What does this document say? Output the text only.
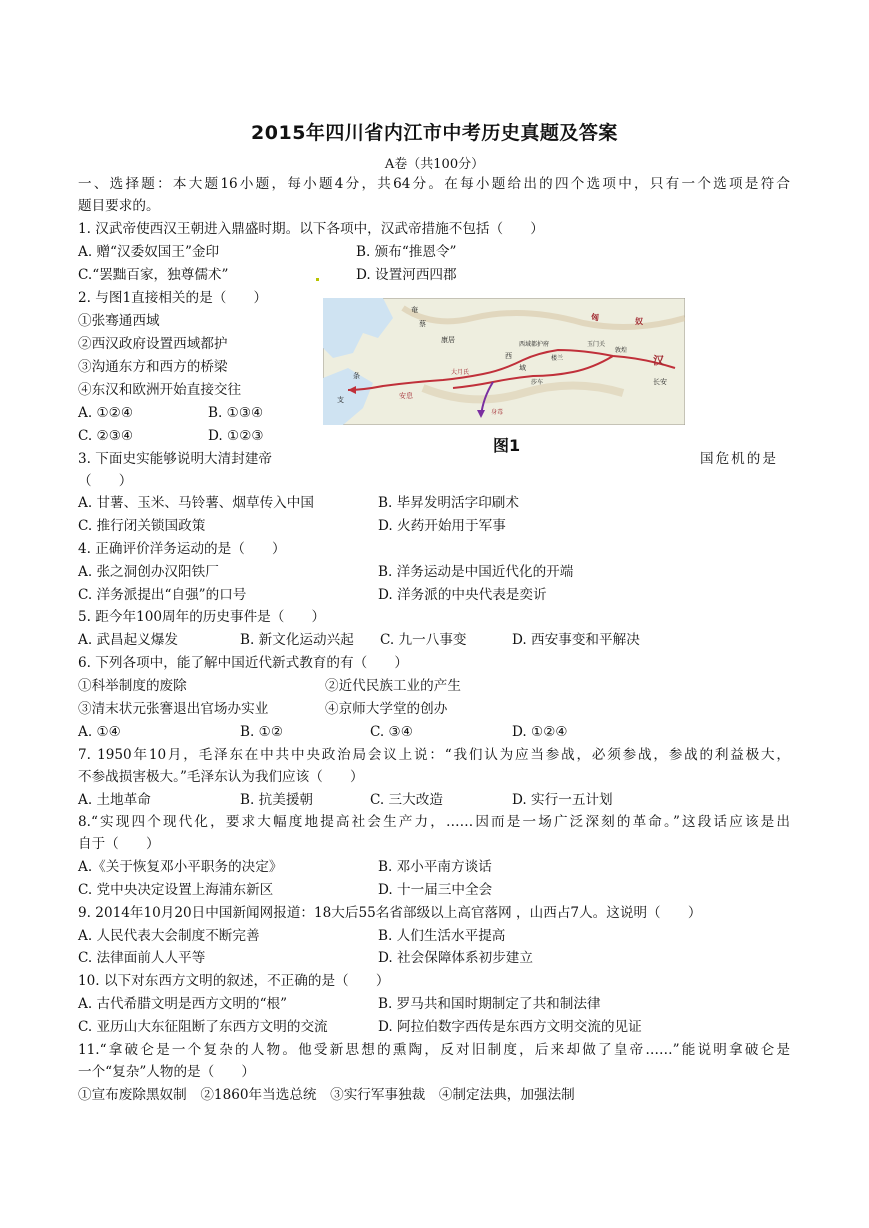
2015年四川省内江市中考历史真题及答案
A卷（共100分）
一、选择题：本大题16小题，每小题4分，共64分。在每小题给出的四个选项中，只有一个选项是符合
题目要求的。
1. 汉武帝使西汉王朝进入鼎盛时期。以下各项中，汉武帝措施不包括（　　）
A. 赠“汉委奴国王”金印	B. 颁布“推恩令”
C.“罢黜百家，独尊儒术”	D. 设置河西四郡
2. 与图1直接相关的是（　　）
①张骞通西域
②西汉政府设置西域都护
③沟通东方和西方的桥梁
④东汉和欧洲开始直接交往
A. ①②④	B. ①③④
C. ②③④	D. ①②③
奄
蔡
康居
匈	奴
汉
长安
西域都护府
楼兰
玉门关
敦煌
西
域
莎车
安息
大月氏
条
支
身毒
图1
3. 下面史实能够说明大清封建帝	国危机的是
（　　）
A. 甘薯、玉米、马铃薯、烟草传入中国	B. 毕昇发明活字印刷术
C. 推行闭关锁国政策	D. 火药开始用于军事
4. 正确评价洋务运动的是（　　）
A. 张之洞创办汉阳铁厂	B. 洋务运动是中国近代化的开端
C. 洋务派提出“自强”的口号	D. 洋务派的中央代表是奕䜣
5. 距今年100周年的历史事件是（　　）
A. 武昌起义爆发	B. 新文化运动兴起 C. 九一八事变	D. 西安事变和平解决
6. 下列各项中，能了解中国近代新式教育的有（　　）
①科举制度的废除	②近代民族工业的产生
③清末状元张謇退出官场办实业	④京师大学堂的创办
A. ①④	B. ①②	C. ③④	D. ①②④
7. 1950年10月，毛泽东在中共中央政治局会议上说：“我们认为应当参战，必须参战，参战的利益极大，
不参战损害极大。”毛泽东认为我们应该（　　）
A. 土地革命	B. 抗美援朝	C. 三大改造	D. 实行一五计划
8.“实现四个现代化，要求大幅度地提高社会生产力，……因而是一场广泛深刻的革命。”这段话应该是出
自于（　　）
A.《关于恢复邓小平职务的决定》	B. 邓小平南方谈话
C. 党中央决定设置上海浦东新区	D. 十一届三中全会
9. 2014年10月20日中国新闻网报道：18大后55名省部级以上高官落网 ，山西占7人。这说明（　　）
A. 人民代表大会制度不断完善	B. 人们生活水平提高
C. 法律面前人人平等	D. 社会保障体系初步建立
10. 以下对东西方文明的叙述，不正确的是（　　）
A. 古代希腊文明是西方文明的“根”	B. 罗马共和国时期制定了共和制法律
C. 亚历山大东征阻断了东西方文明的交流	D. 阿拉伯数字西传是东西方文明交流的见证
11.“拿破仑是一个复杂的人物。他受新思想的熏陶，反对旧制度，后来却做了皇帝……”能说明拿破仑是
一个“复杂”人物的是（　　）
①宣布废除黑奴制　②1860年当选总统　③实行军事独裁　④制定法典，加强法制
